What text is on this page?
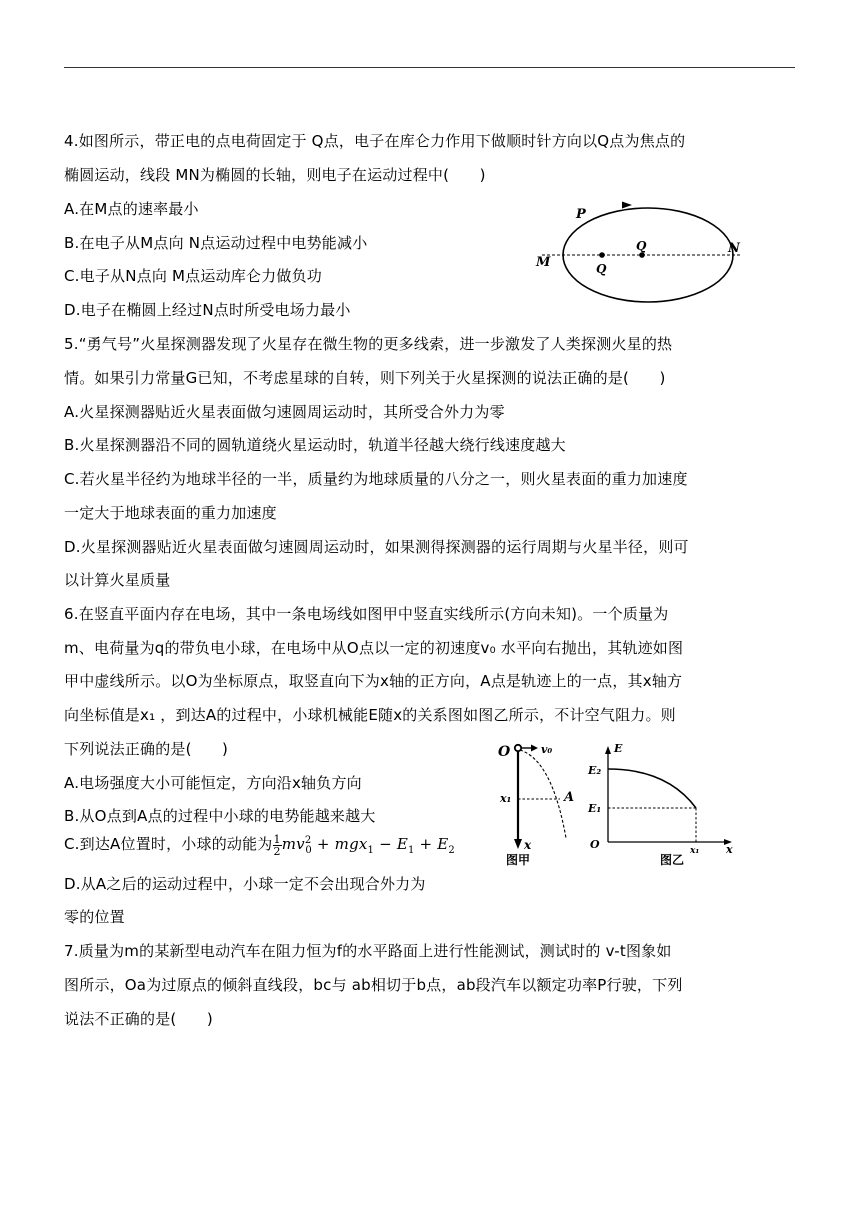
4.如图所示，带正电的点电荷固定于 Q点，电子在库仑力作用下做顺时针方向以Q点为焦点的
椭圆运动，线段 MN为椭圆的长轴，则电子在运动过程中(　　)
A.在M点的速率最小
B.在电子从M点向 N点运动过程中电势能减小
C.电子从N点向 M点运动库仑力做负功
D.电子在椭圆上经过N点时所受电场力最小
P
M
N
Q
Q
5.“勇气号”火星探测器发现了火星存在微生物的更多线索，进一步激发了人类探测火星的热
情。如果引力常量G已知，不考虑星球的自转，则下列关于火星探测的说法正确的是(　　)
A.火星探测器贴近火星表面做匀速圆周运动时，其所受合外力为零
B.火星探测器沿不同的圆轨道绕火星运动时，轨道半径越大绕行线速度越大
C.若火星半径约为地球半径的一半，质量约为地球质量的八分之一，则火星表面的重力加速度
一定大于地球表面的重力加速度
D.火星探测器贴近火星表面做匀速圆周运动时，如果测得探测器的运行周期与火星半径，则可
以计算火星质量
6.在竖直平面内存在电场，其中一条电场线如图甲中竖直实线所示(方向未知)。一个质量为
m、电荷量为q的带负电小球，在电场中从O点以一定的初速度v₀ 水平向右抛出，其轨迹如图
甲中虚线所示。以O为坐标原点，取竖直向下为x轴的正方向，A点是轨迹上的一点，其x轴方
向坐标值是x₁ ，到达A的过程中，小球机械能E随x的关系图如图乙所示，不计空气阻力。则
下列说法正确的是(　　)
A.电场强度大小可能恒定，方向沿x轴负方向
B.从O点到A点的过程中小球的电势能越来越大
C.到达A位置时，小球的动能为 $\frac{1}{2} mv^2_0 + mgx_1 - E_1 + E_2$
D.从A之后的运动过程中，小球一定不会出现合外力为
零的位置
O	v₀
x₁	A
x
图甲
E
E₂
E₁
O	x₁ x
图乙
7.质量为m的某新型电动汽车在阻力恒为f的水平路面上进行性能测试，测试时的 v-t图象如
图所示，Oa为过原点的倾斜直线段，bc与 ab相切于b点，ab段汽车以额定功率P行驶，下列
说法不正确的是(　　)
